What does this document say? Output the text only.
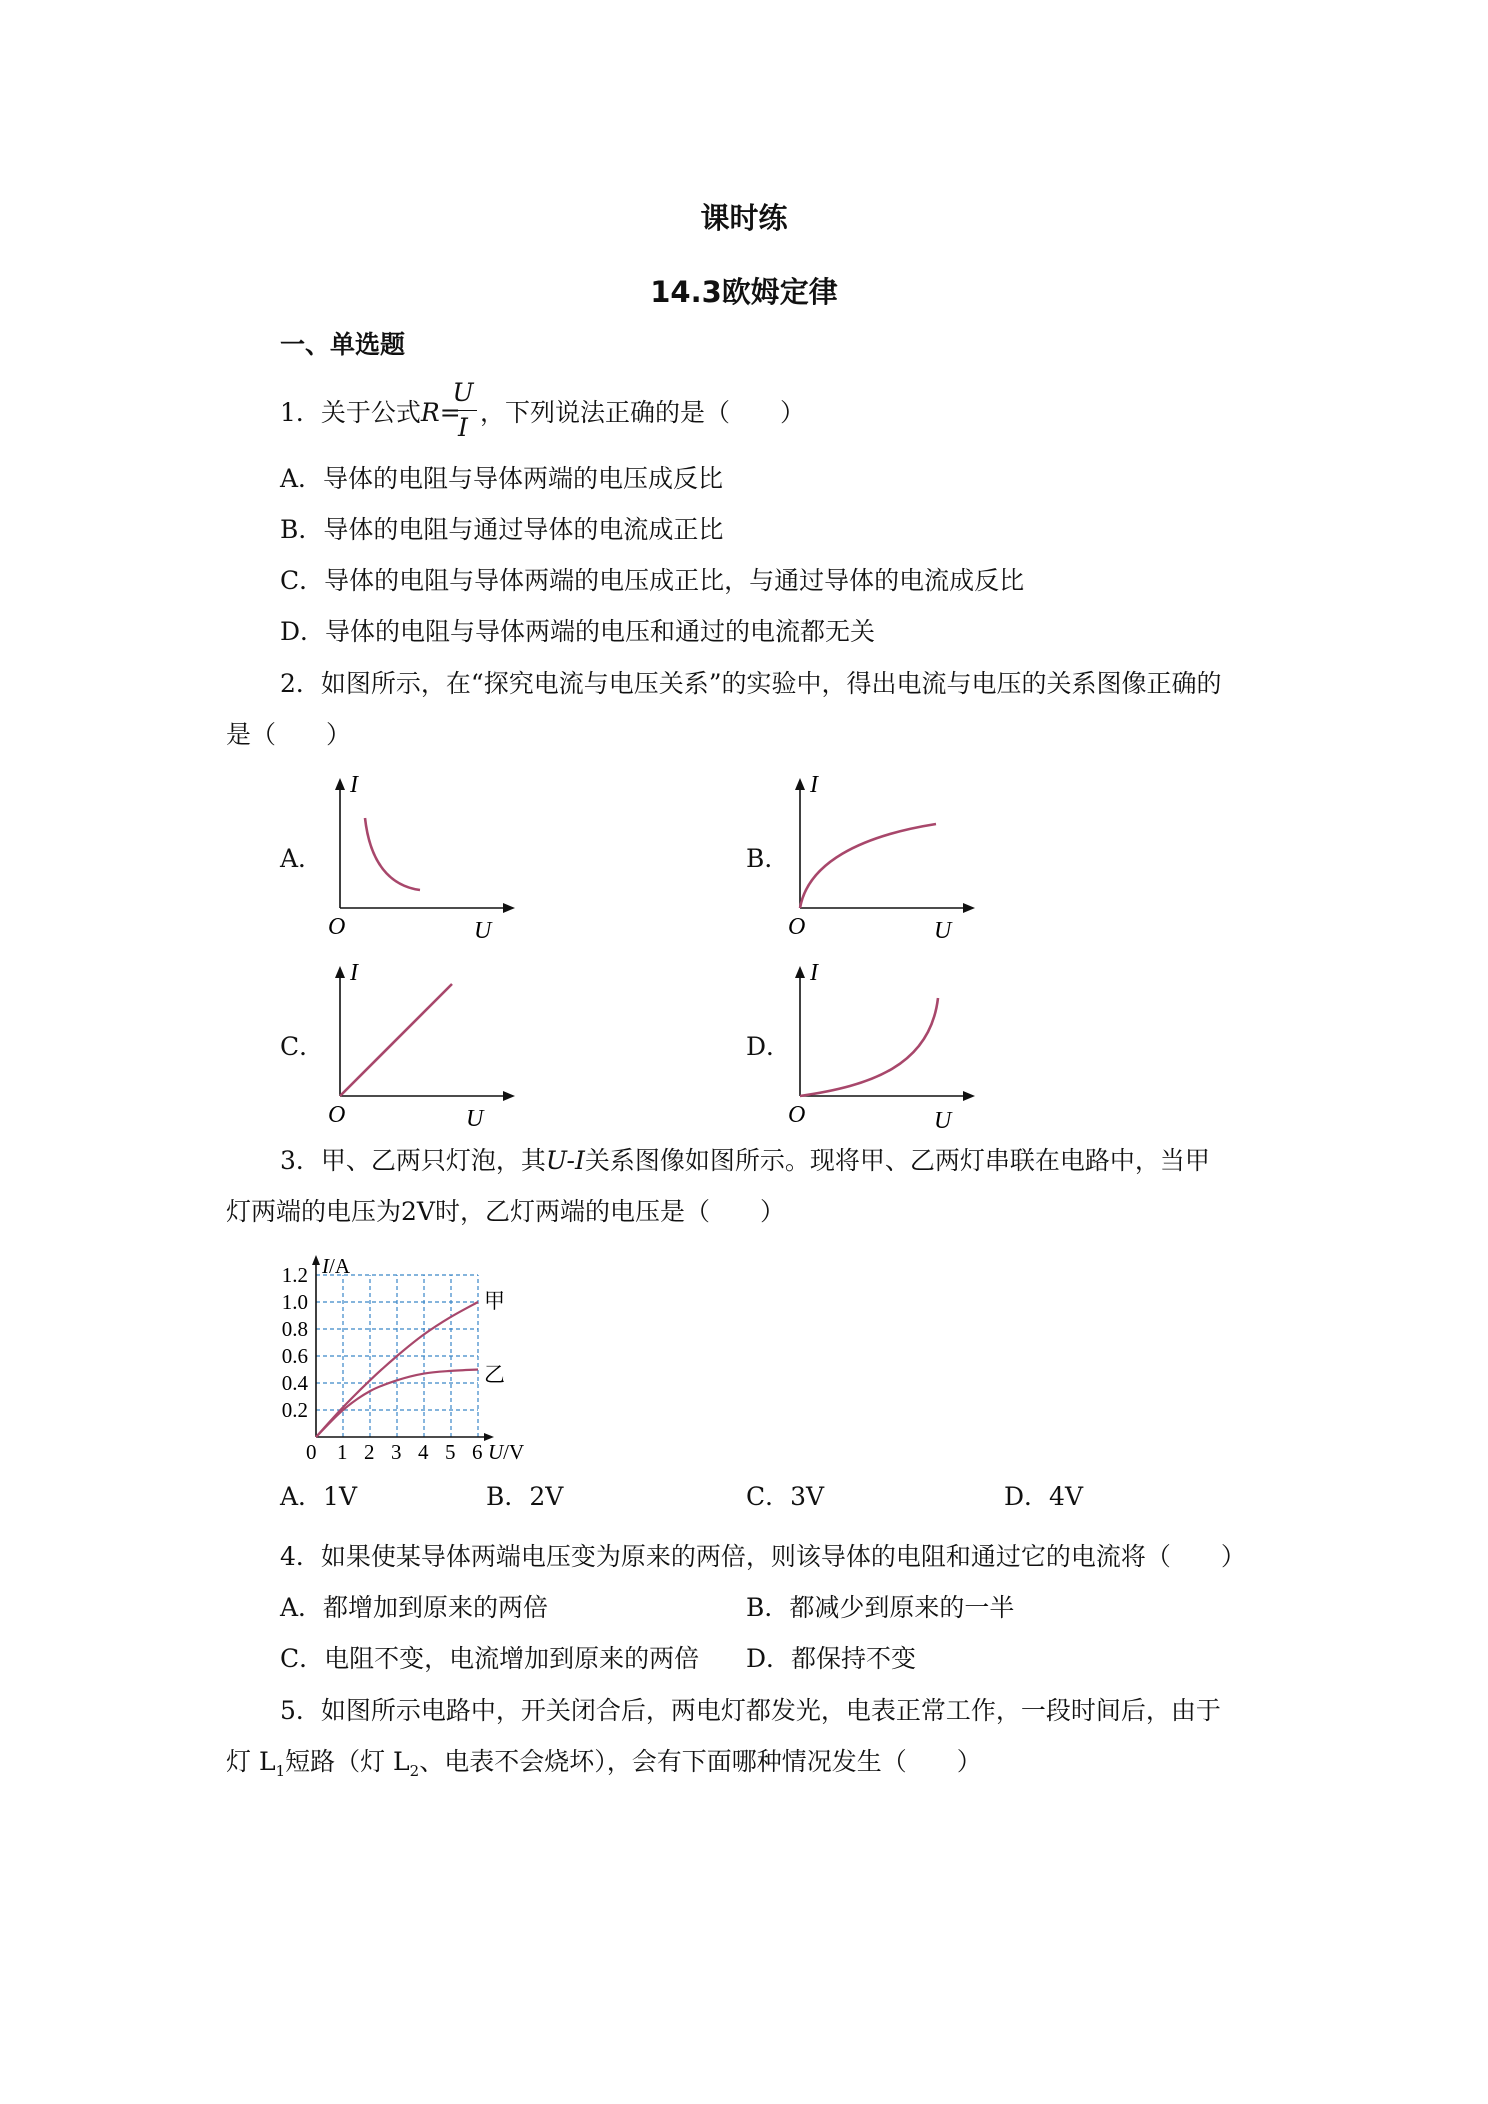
课时练
14.3欧姆定律
一、单选题
1．关于公式R=
U
I
，下列说法正确的是（　　）
A．导体的电阻与导体两端的电压成反比
B．导体的电阻与通过导体的电流成正比
C．导体的电阻与导体两端的电压成正比，与通过导体的电流成反比
D．导体的电阻与导体两端的电压和通过的电流都无关
2．如图所示，在“探究电流与电压关系”的实验中，得出电流与电压的关系图像正确的
是（　　）
A．	B．
C．	D．
I
O	U
I
O	U
I
O	U
I
O	U
3．甲、乙两只灯泡，其U-I关系图像如图所示。现将甲、乙两灯串联在电路中，当甲
灯两端的电压为2V时，乙灯两端的电压是（　　）
0 1 2 3 4 5 6
0.2
0.4
0.6
0.8
1.0
1.2
甲
乙
I/A
U/V
A．1V	B．2V	C．3V	D．4V
4．如果使某导体两端电压变为原来的两倍，则该导体的电阻和通过它的电流将（　　）
A．都增加到原来的两倍	B．都减少到原来的一半
C．电阻不变，电流增加到原来的两倍 D．都保持不变
5．如图所示电路中，开关闭合后，两电灯都发光，电表正常工作，一段时间后，由于
灯 $L_1$短路（灯 $L_2$、电表不会烧坏），会有下面哪种情况发生（　　）
